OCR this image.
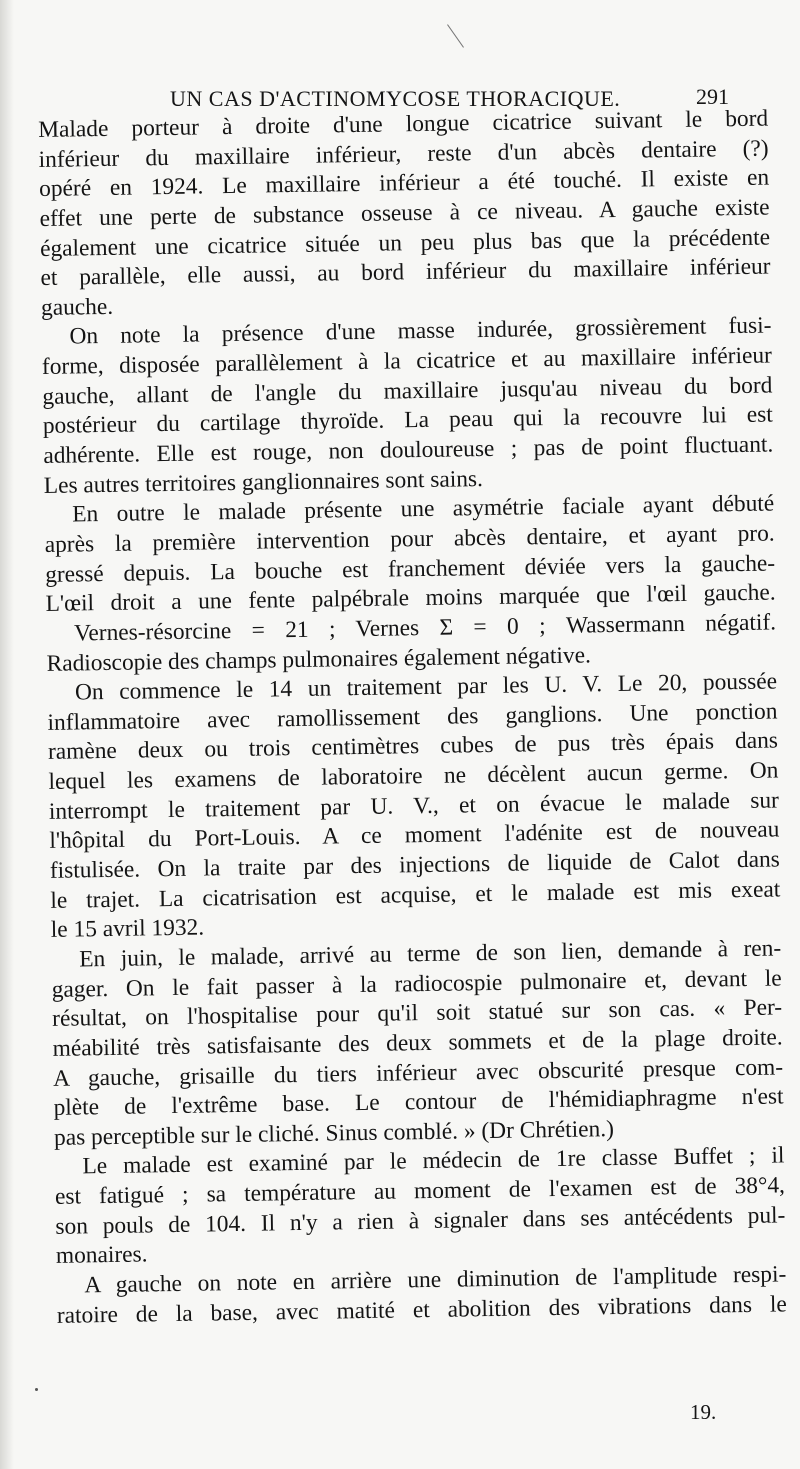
UN CAS D'ACTINOMYCOSE THORACIQUE.	291
Malade porteur à droite d'une longue cicatrice suivant le bord
inférieur du maxillaire inférieur, reste d'un abcès dentaire (?)
opéré en 1924. Le maxillaire inférieur a été touché. Il existe en
effet une perte de substance osseuse à ce niveau. A gauche existe
également une cicatrice située un peu plus bas que la précédente
et parallèle, elle aussi, au bord inférieur du maxillaire inférieur
gauche.
On note la présence d'une masse indurée, grossièrement fusi-
forme, disposée parallèlement à la cicatrice et au maxillaire inférieur
gauche, allant de l'angle du maxillaire jusqu'au niveau du bord
postérieur du cartilage thyroïde. La peau qui la recouvre lui est
adhérente. Elle est rouge, non douloureuse ; pas de point fluctuant.
Les autres territoires ganglionnaires sont sains.
En outre le malade présente une asymétrie faciale ayant débuté
après la première intervention pour abcès dentaire, et ayant pro.
gressé depuis. La bouche est franchement déviée vers la gauche-
L'œil droit a une fente palpébrale moins marquée que l'œil gauche.
Vernes-résorcine = 21 ; Vernes Σ = 0 ; Wassermann négatif.
Radioscopie des champs pulmonaires également négative.
On commence le 14 un traitement par les U. V. Le 20, poussée
inflammatoire avec ramollissement des ganglions. Une ponction
ramène deux ou trois centimètres cubes de pus très épais dans
lequel les examens de laboratoire ne décèlent aucun germe. On
interrompt le traitement par U. V., et on évacue le malade sur
l'hôpital du Port-Louis. A ce moment l'adénite est de nouveau
fistulisée. On la traite par des injections de liquide de Calot dans
le trajet. La cicatrisation est acquise, et le malade est mis exeat
le 15 avril 1932.
En juin, le malade, arrivé au terme de son lien, demande à ren-
gager. On le fait passer à la radiocospie pulmonaire et, devant le
résultat, on l'hospitalise pour qu'il soit statué sur son cas. « Per-
méabilité très satisfaisante des deux sommets et de la plage droite.
A gauche, grisaille du tiers inférieur avec obscurité presque com-
plète de l'extrême base. Le contour de l'hémidiaphragme n'est
pas perceptible sur le cliché. Sinus comblé. » (Dr Chrétien.)
Le malade est examiné par le médecin de 1re classe Buffet ; il
est fatigué ; sa température au moment de l'examen est de 38°4,
son pouls de 104. Il n'y a rien à signaler dans ses antécédents pul-
monaires.
A gauche on note en arrière une diminution de l'amplitude respi-
ratoire de la base, avec matité et abolition des vibrations dans le
19.
